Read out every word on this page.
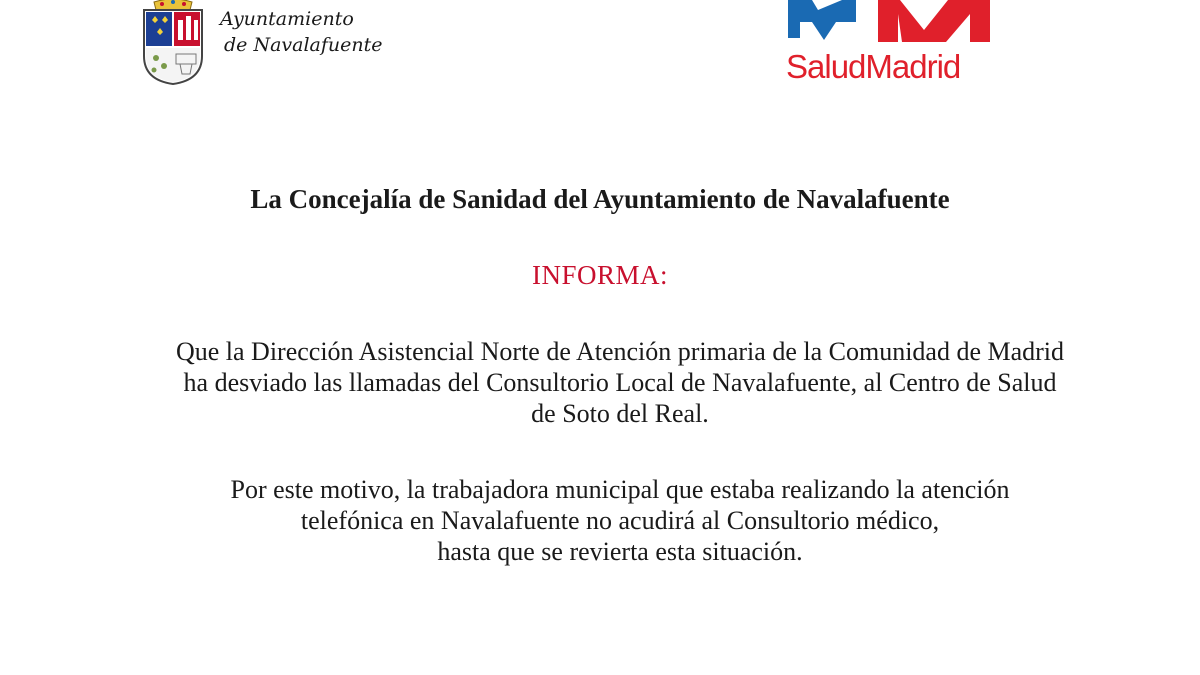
Ayuntamiento
de Navalafuente
SaludMadrid
La Concejalía de Sanidad del Ayuntamiento de Navalafuente
INFORMA:
Que la Dirección Asistencial Norte de Atención primaria de la Comunidad de Madrid
ha desviado las llamadas del Consultorio Local de Navalafuente, al Centro de Salud
de Soto del Real.
Por este motivo, la trabajadora municipal que estaba realizando la atención
telefónica en Navalafuente no acudirá al Consultorio médico,
hasta que se revierta esta situación.
